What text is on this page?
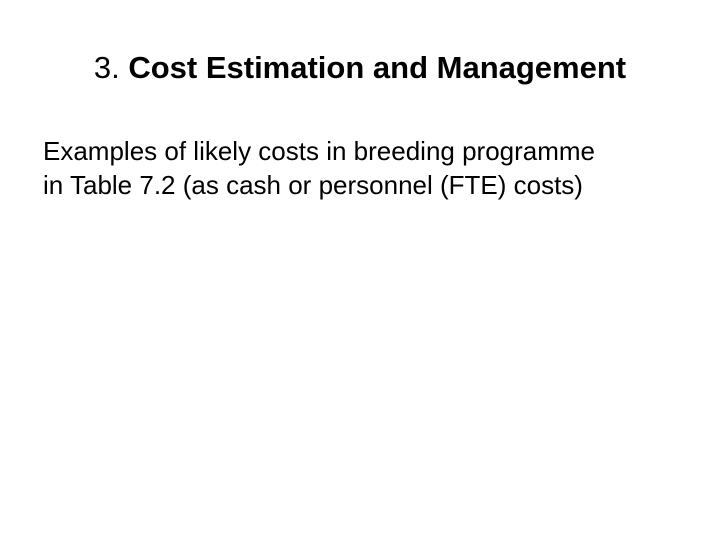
3. Cost Estimation and Management
Examples of likely costs in breeding programme
in Table 7.2 (as cash or personnel (FTE) costs)
